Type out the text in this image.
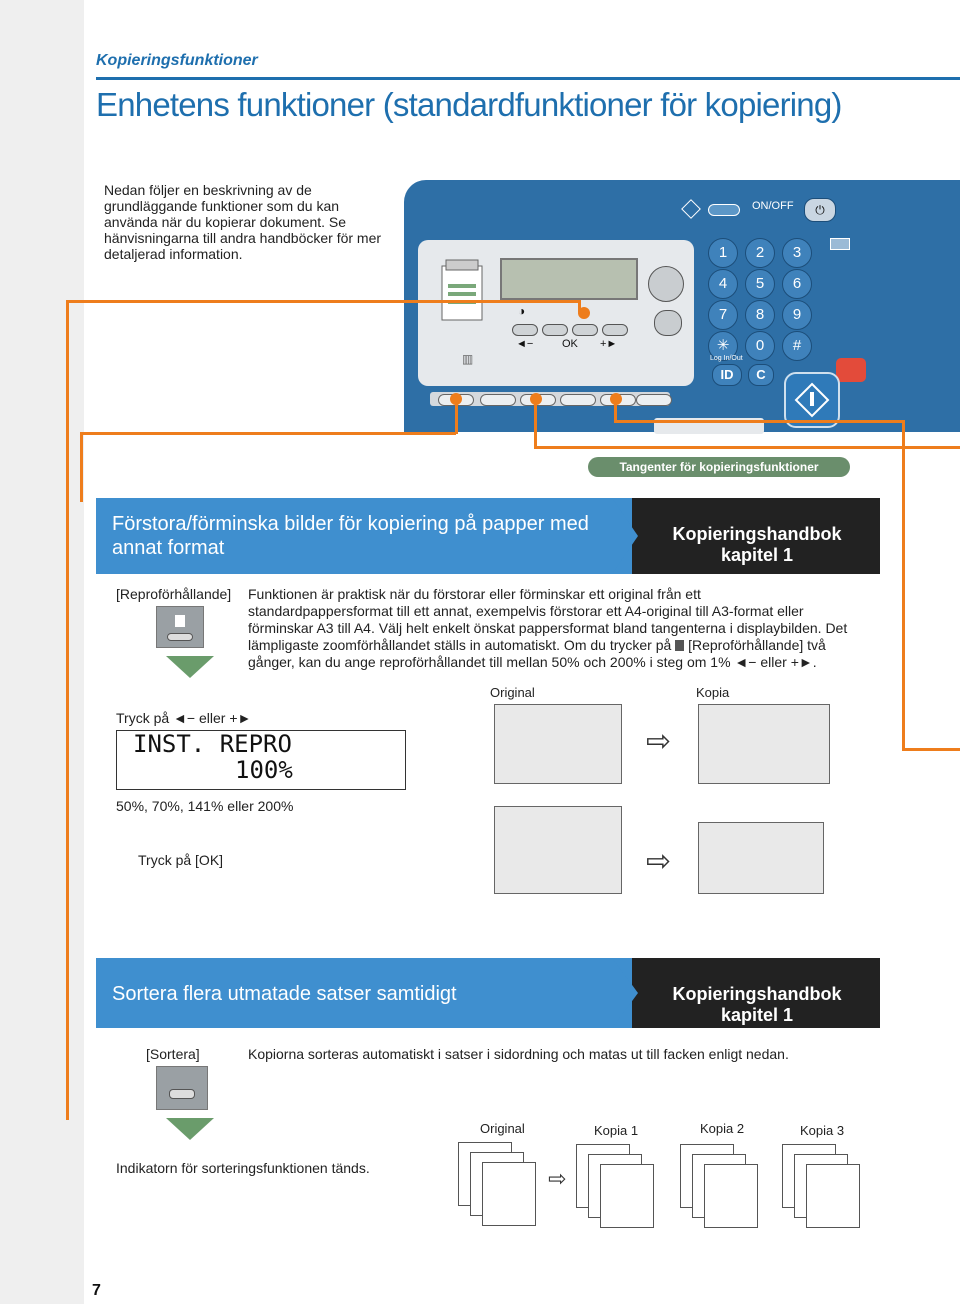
Kopieringsfunktioner
Enhetens funktioner (standardfunktioner för kopiering)
Nedan följer en beskrivning av de grundläggande funktioner som du kan använda när du kopierar dokument. Se hänvisningarna till andra handböcker för mer detaljerad information.
◑
◄−	OK +►
▥
ON/OFF	⏻
1	2	3
4	5	6
7	8	9
✳	0	#
Log In/Out
ID	C
Tangenter för kopieringsfunktioner
Förstora/förminska bilder för kopiering på papper med annat format
Kopieringshandbok kapitel 1
[Reproförhållande] Funktionen är praktisk när du förstorar eller förminskar ett original från ett standardpappersformat till ett annat, exempelvis förstorar ett A4-original till A3-format eller förminskar A3 till A4. Välj helt enkelt önskat pappersformat bland tangenterna i displaybilden. Det lämpligaste zoomförhållandet ställs in automatiskt. Om du trycker på [Reproförhållande] två gånger, kan du ange reproförhållandet till mellan 50% och 200% i steg om 1% ◄− eller +►.
Tryck på ◄− eller +►
INST. REPRO
100%
50%, 70%, 141% eller 200%
Tryck på [OK]
Original	Kopia
⇨
⇨
Sortera flera utmatade satser samtidigt	Kopieringshandbok kapitel 1
[Sortera]	Kopiorna sorteras automatiskt i satser i sidordning och matas ut till facken enligt nedan.
Indikatorn för sorteringsfunktionen tänds.
Original	Kopia 1	Kopia 2	Kopia 3
⇨
7
